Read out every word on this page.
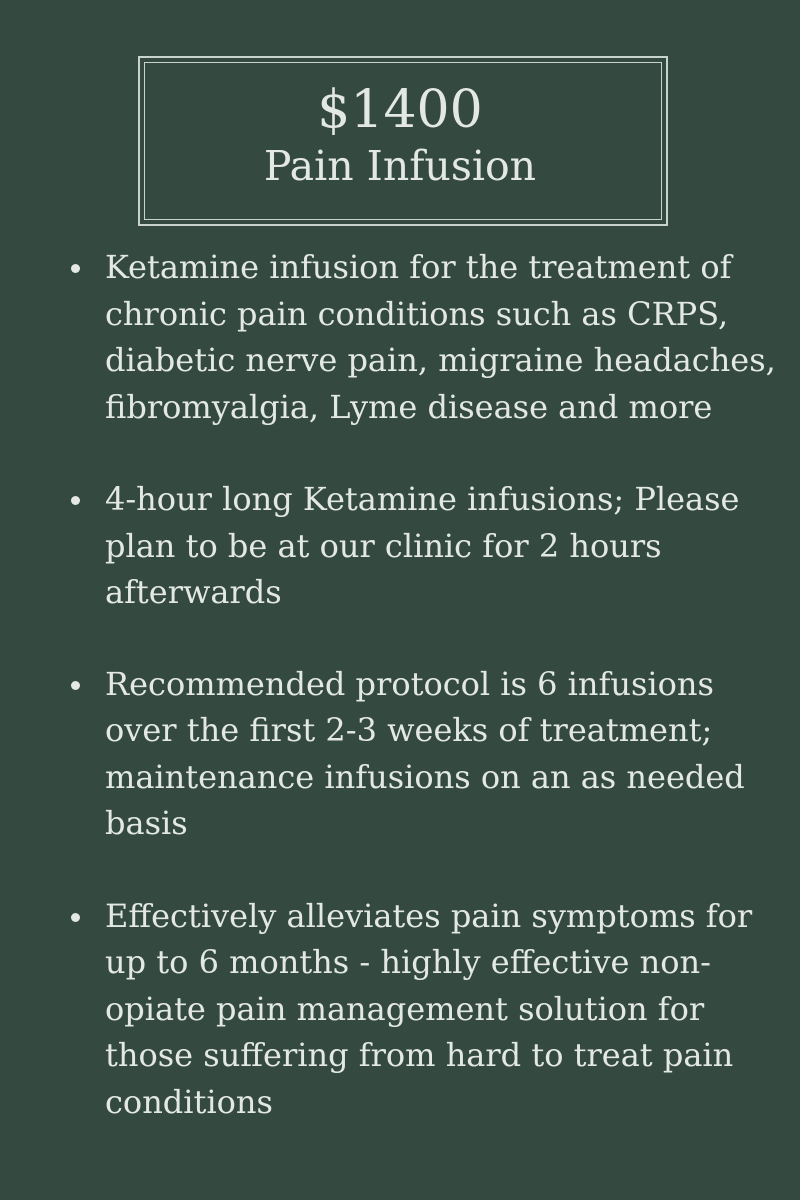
$1400
Pain Infusion
Ketamine infusion for the treatment of chronic pain conditions such as CRPS, diabetic nerve pain, migraine headaches, fibromyalgia, Lyme disease and more
4-hour long Ketamine infusions; Please plan to be at our clinic for 2 hours afterwards
Recommended protocol is 6 infusions over the first 2-3 weeks of treatment; maintenance infusions on an as needed basis
Effectively alleviates pain symptoms for up to 6 months - highly effective non-opiate pain management solution for those suffering from hard to treat pain conditions
